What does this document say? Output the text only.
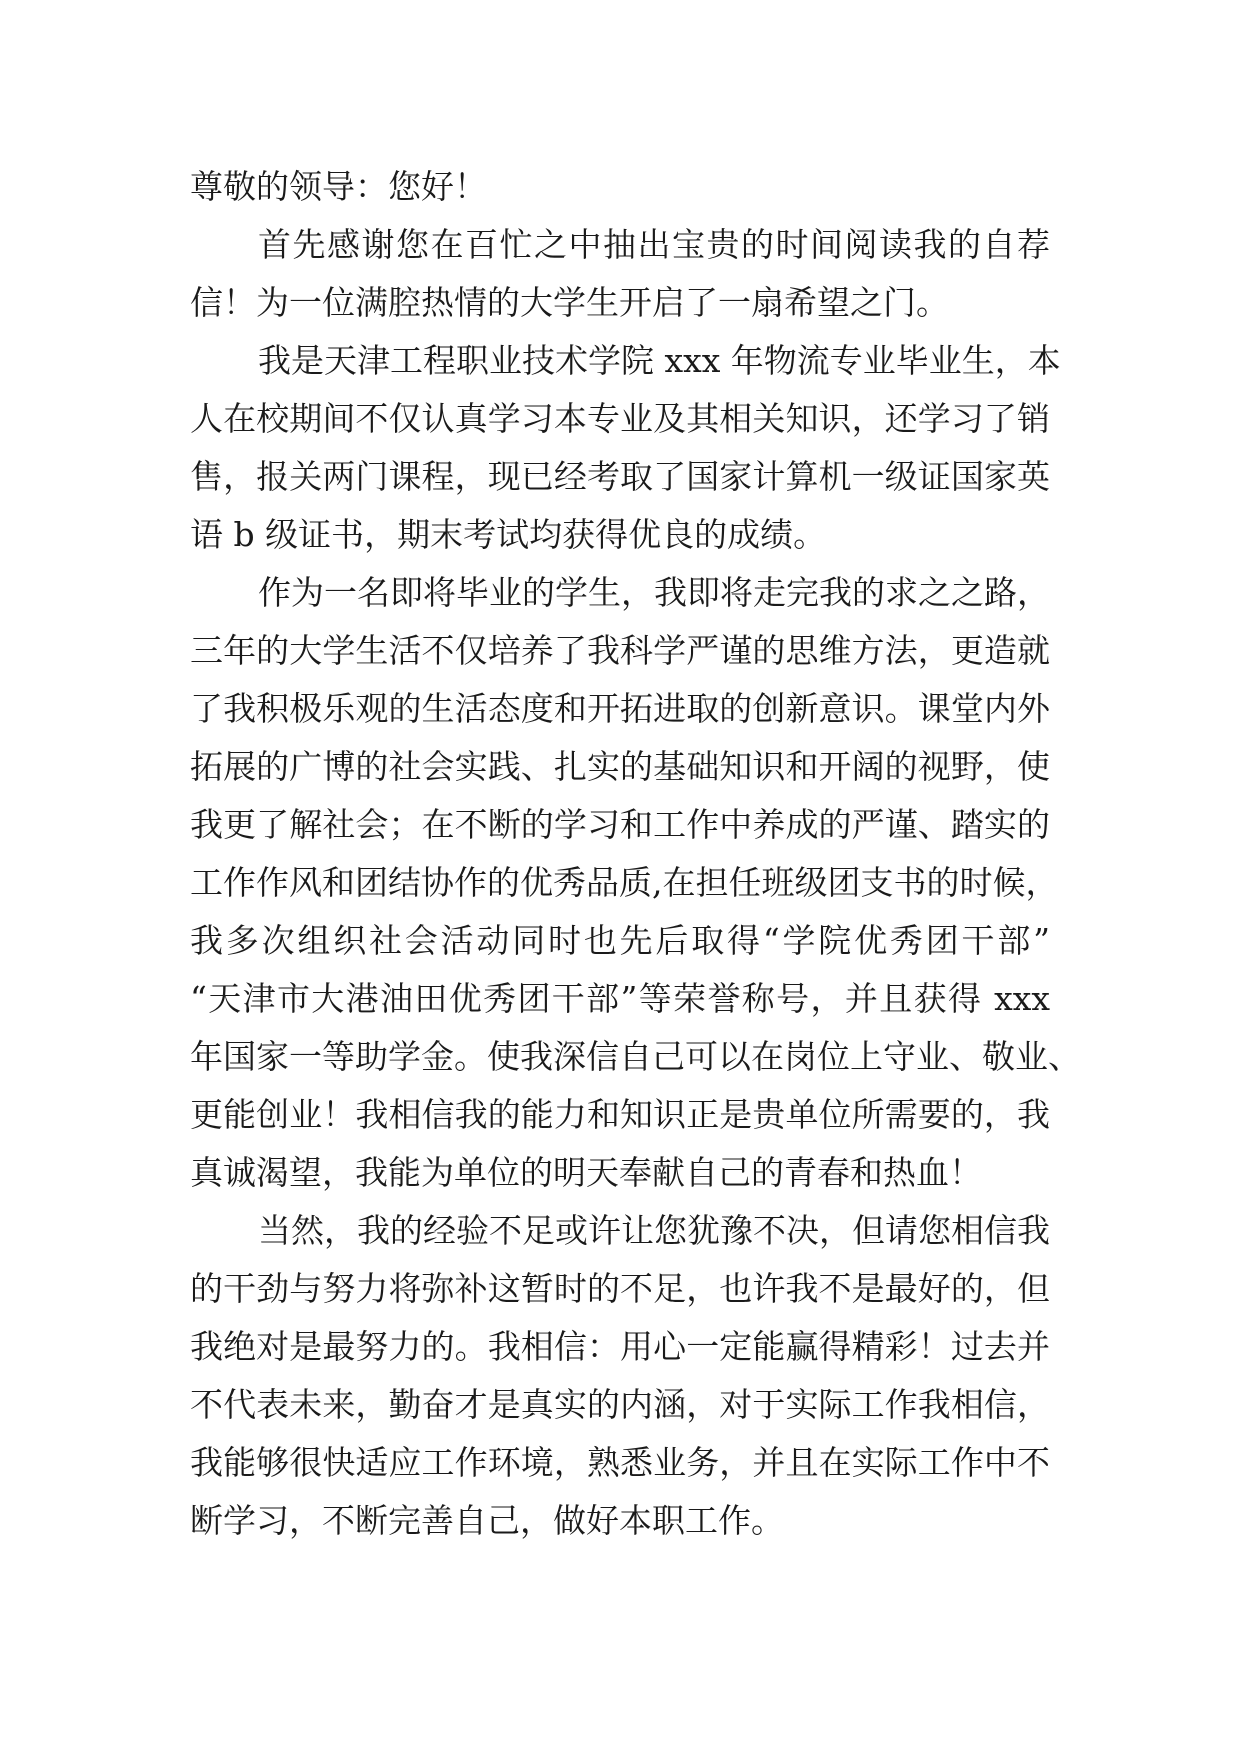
尊敬的领导：您好！
首先感谢您在百忙之中抽出宝贵的时间阅读我的自荐
信！为一位满腔热情的大学生开启了一扇希望之门。
我是天津工程职业技术学院 xxx 年物流专业毕业生，本
人在校期间不仅认真学习本专业及其相关知识，还学习了销
售，报关两门课程，现已经考取了国家计算机一级证国家英
语 b 级证书，期末考试均获得优良的成绩。
作为一名即将毕业的学生，我即将走完我的求之之路，
三年的大学生活不仅培养了我科学严谨的思维方法，更造就
了我积极乐观的生活态度和开拓进取的创新意识。课堂内外
拓展的广博的社会实践、扎实的基础知识和开阔的视野，使
我更了解社会；在不断的学习和工作中养成的严谨、踏实的
工作作风和团结协作的优秀品质,在担任班级团支书的时候，
我多次组织社会活动同时也先后取得“学院优秀团干部”
“天津市大港油田优秀团干部”等荣誉称号，并且获得 xxx
年国家一等助学金。使我深信自己可以在岗位上守业、敬业、
更能创业！我相信我的能力和知识正是贵单位所需要的，我
真诚渴望，我能为单位的明天奉献自己的青春和热血！
当然，我的经验不足或许让您犹豫不决，但请您相信我
的干劲与努力将弥补这暂时的不足，也许我不是最好的，但
我绝对是最努力的。我相信：用心一定能赢得精彩！过去并
不代表未来，勤奋才是真实的内涵，对于实际工作我相信，
我能够很快适应工作环境，熟悉业务，并且在实际工作中不
断学习，不断完善自己，做好本职工作。
